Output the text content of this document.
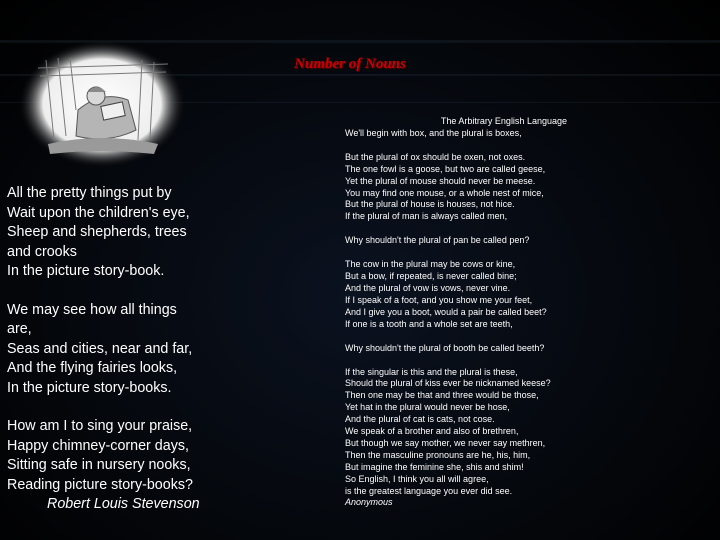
Number of Nouns
All the pretty things put by
Wait upon the children's eye,
Sheep and shepherds, trees
and crooks
In the picture story-book.
We may see how all things
are,
Seas and cities, near and far,
And the flying fairies looks,
In the picture story-books.
How am I to sing your praise,
Happy chimney-corner days,
Sitting safe in nursery nooks,
Reading picture story-books?
Robert Louis Stevenson
The Arbitrary English Language
We'll begin with box, and the plural is boxes,
But the plural of ox should be oxen, not oxes.
The one fowl is a goose, but two are called geese,
Yet the plural of mouse should never be meese.
You may find one mouse, or a whole nest of mice,
But the plural of house is houses, not hice.
If the plural of man is always called men,
Why shouldn't the plural of pan be called pen?
The cow in the plural may be cows or kine,
But a bow, if repeated, is never called bine;
And the plural of vow is vows, never vine.
If I speak of a foot, and you show me your feet,
And I give you a boot, would a pair be called beet?
If one is a tooth and a whole set are teeth,
Why shouldn't the plural of booth be called beeth?
If the singular is this and the plural is these,
Should the plural of kiss ever be nicknamed keese?
Then one may be that and three would be those,
Yet hat in the plural would never be hose,
And the plural of cat is cats, not cose.
We speak of a brother and also of brethren,
But though we say mother, we never say methren,
Then the masculine pronouns are he, his, him,
But imagine the feminine she, shis and shim!
So English, I think you all will agree,
is the greatest language you ever did see.
Anonymous
